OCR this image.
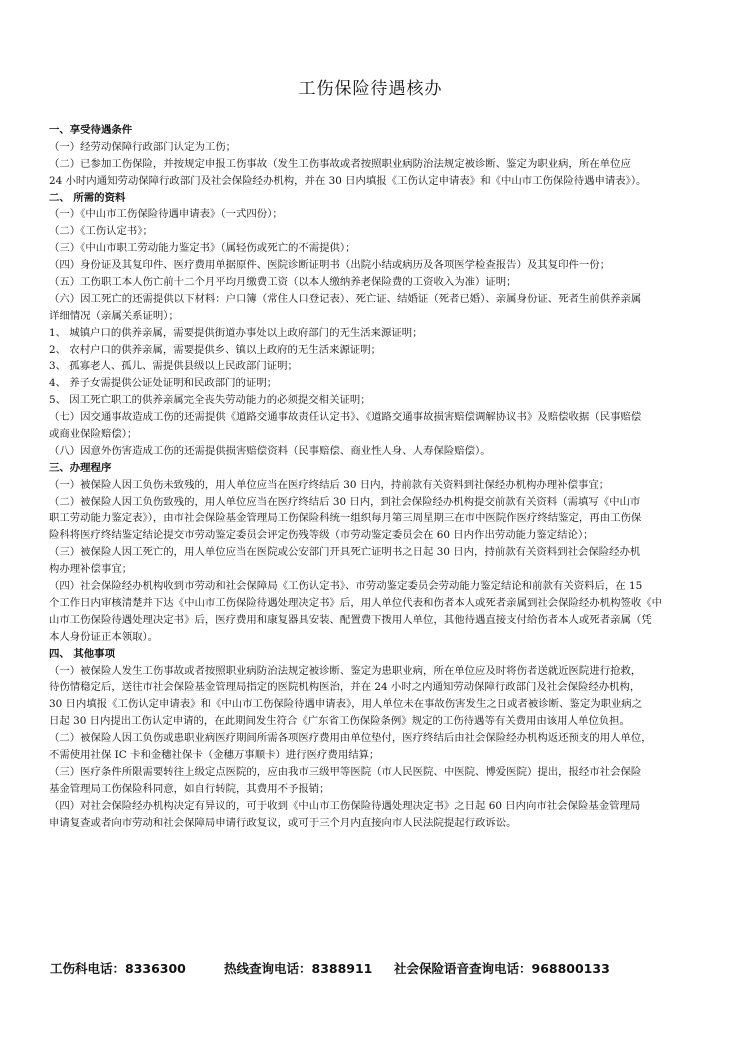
工伤保险待遇核办
一、享受待遇条件
（一）经劳动保障行政部门认定为工伤；
（二）已参加工伤保险，并按规定申报工伤事故（发生工伤事故或者按照职业病防治法规定被诊断、鉴定为职业病，所在单位应
24 小时内通知劳动保障行政部门及社会保险经办机构，并在 30 日内填报《工伤认定申请表》和《中山市工伤保险待遇申请表》）。
二、 所需的资料
（一）《中山市工伤保险待遇申请表》（一式四份）；
（二）《工伤认定书》；
（三）《中山市职工劳动能力鉴定书》（属轻伤或死亡的不需提供）；
（四）身份证及其复印件、医疗费用单据原件、医院诊断证明书（出院小结或病历及各项医学检查报告）及其复印件一份；
（五）工伤职工本人伤亡前十二个月平均月缴费工资（以本人缴纳养老保险费的工资收入为准）证明；
（六）因工死亡的还需提供以下材料：户口簿（常住人口登记表）、死亡证、结婚证（死者已婚）、亲属身份证、死者生前供养亲属
详细情况（亲属关系证明）；
1、 城镇户口的供养亲属，需要提供街道办事处以上政府部门的无生活来源证明；
2、 农村户口的供养亲属，需要提供乡、镇以上政府的无生活来源证明；
3、 孤寡老人、孤儿、需提供县级以上民政部门证明；
4、 养子女需提供公证处证明和民政部门的证明；
5、 因工死亡职工的供养亲属完全丧失劳动能力的必须提交相关证明；
（七）因交通事故造成工伤的还需提供《道路交通事故责任认定书》、《道路交通事故损害赔偿调解协议书》及赔偿收据（民事赔偿
或商业保险赔偿）；
（八）因意外伤害造成工伤的还需提供损害赔偿资料（民事赔偿、商业性人身、人寿保险赔偿）。
三、办理程序
（一）被保险人因工负伤未致残的，用人单位应当在医疗终结后 30 日内，持前款有关资料到社保经办机构办理补偿事宜；
（二）被保险人因工负伤致残的，用人单位应当在医疗终结后 30 日内，到社会保险经办机构提交前款有关资料（需填写《中山市
职工劳动能力鉴定表》），由市社会保险基金管理局工伤保险科统一组织每月第三周星期三在市中医院作医疗终结鉴定，再由工伤保
险科将医疗终结鉴定结论提交市劳动鉴定委员会评定伤残等级（市劳动鉴定委员会在 60 日内作出劳动能力鉴定结论）；
（三）被保险人因工死亡的，用人单位应当在医院或公安部门开具死亡证明书之日起 30 日内，持前款有关资料到社会保险经办机
构办理补偿事宜；
（四）社会保险经办机构收到市劳动和社会保障局《工伤认定书》、市劳动鉴定委员会劳动能力鉴定结论和前款有关资料后，在 15
个工作日内审核清楚并下达《中山市工伤保险待遇处理决定书》后，用人单位代表和伤者本人或死者亲属到社会保险经办机构签收《中
山市工伤保险待遇处理决定书》后，医疗费用和康复器具安装、配置费下拨用人单位，其他待遇直接支付给伤者本人或死者亲属（凭
本人身份证正本领取）。
四、 其他事项
（一）被保险人发生工伤事故或者按照职业病防治法规定被诊断、鉴定为患职业病，所在单位应及时将伤者送就近医院进行抢救，
待伤情稳定后，送往市社会保险基金管理局指定的医院机构医治，并在 24 小时之内通知劳动保障行政部门及社会保险经办机构，
30 日内填报《工伤认定申请表》和《中山市工伤保险待遇申请表》，用人单位未在事故伤害发生之日或者被诊断、鉴定为职业病之
日起 30 日内提出工伤认定申请的，在此期间发生符合《广东省工伤保险条例》规定的工伤待遇等有关费用由该用人单位负担。
（二）被保险人因工负伤或患职业病医疗期间所需各项医疗费用由单位垫付，医疗终结后由社会保险经办机构返还预支的用人单位，
不需使用社保 IC 卡和金穗社保卡（金穗万事顺卡）进行医疗费用结算；
（三）医疗条件所限需要转往上级定点医院的，应由我市三级甲等医院（市人民医院、中医院、博爱医院）提出，报经市社会保险
基金管理局工伤保险科同意，如自行转院，其费用不予报销；
（四）对社会保险经办机构决定有异议的，可于收到《中山市工伤保险待遇处理决定书》之日起 60 日内向市社会保险基金管理局
申请复查或者向市劳动和社会保障局申请行政复议，或可于三个月内直接向市人民法院提起行政诉讼。
工伤科电话：8336300	热线查询电话：8388911 社会保险语音查询电话：968800133
